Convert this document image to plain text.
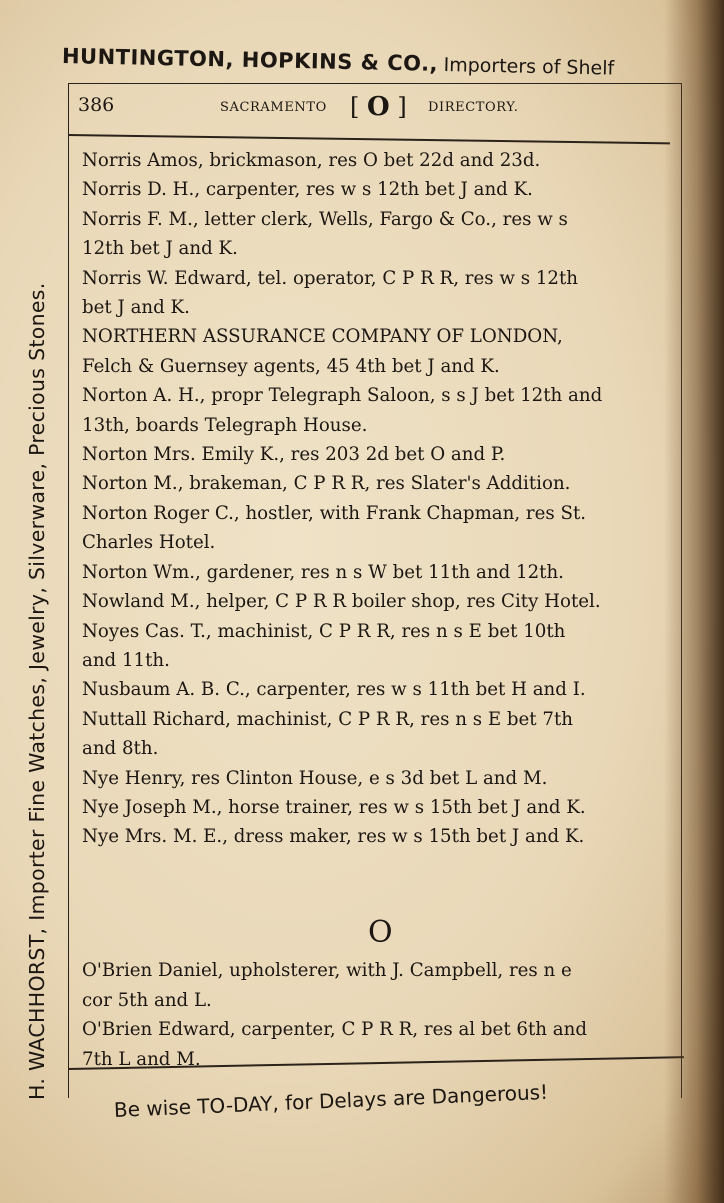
HUNTINGTON, HOPKINS & CO., Importers of Shelf
H. WACHHORST, Importer Fine Watches, Jewelry, Silverware, Precious Stones.
386	SACRAMENTO [ O ] DIRECTORY.
Norris Amos, brickmason, res O bet 22d and 23d.
Norris D. H., carpenter, res w s 12th bet J and K.
Norris F. M., letter clerk, Wells, Fargo & Co., res w s
12th bet J and K.
Norris W. Edward, tel. operator, C P R R, res w s 12th
bet J and K.
NORTHERN ASSURANCE COMPANY OF LONDON,
Felch & Guernsey agents, 45 4th bet J and K.
Norton A. H., propr Telegraph Saloon, s s J bet 12th and
13th, boards Telegraph House.
Norton Mrs. Emily K., res 203 2d bet O and P.
Norton M., brakeman, C P R R, res Slater's Addition.
Norton Roger C., hostler, with Frank Chapman, res St.
Charles Hotel.
Norton Wm., gardener, res n s W bet 11th and 12th.
Nowland M., helper, C P R R boiler shop, res City Hotel.
Noyes Cas. T., machinist, C P R R, res n s E bet 10th
and 11th.
Nusbaum A. B. C., carpenter, res w s 11th bet H and I.
Nuttall Richard, machinist, C P R R, res n s E bet 7th
and 8th.
Nye Henry, res Clinton House, e s 3d bet L and M.
Nye Joseph M., horse trainer, res w s 15th bet J and K.
Nye Mrs. M. E., dress maker, res w s 15th bet J and K.
O
O'Brien Daniel, upholsterer, with J. Campbell, res n e
cor 5th and L.
O'Brien Edward, carpenter, C P R R, res al bet 6th and
7th L and M.
Be wise TO-DAY, for Delays are Dangerous!
